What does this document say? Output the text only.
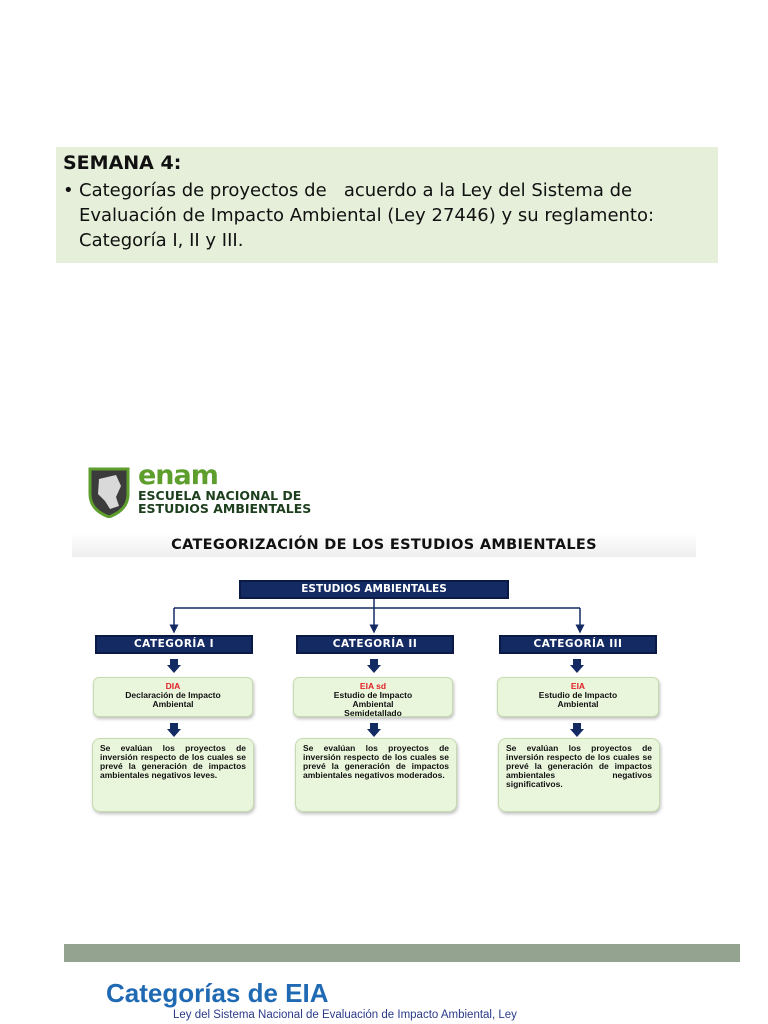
SEMANA 4:
• Categorías de proyectos de   acuerdo a la Ley del Sistema de
Evaluación de Impacto Ambiental (Ley 27446) y su reglamento:
Categoría I, II y III.
enam
ESCUELA NACIONAL DE
ESTUDIOS AMBIENTALES
CATEGORIZACIÓN DE LOS ESTUDIOS AMBIENTALES
ESTUDIOS AMBIENTALES
CATEGORÍA I
DIA
Declaración de Impacto
Ambiental
Se evalúan los proyectos de inversión respecto de los cuales se prevé la generación de impactos ambientales negativos leves.
CATEGORÍA II
EIA sd
Estudio de Impacto
Ambiental
Semidetallado
Se evalúan los proyectos de inversión respecto de los cuales se prevé la generación de impactos ambientales negativos moderados.
CATEGORÍA III
EIA
Estudio de Impacto
Ambiental
Se evalúan los proyectos de inversión respecto de los cuales se prevé la generación de impactos ambientales negativos significativos.
Categorías de EIA
Ley del Sistema Nacional de Evaluación de Impacto Ambiental, Ley
